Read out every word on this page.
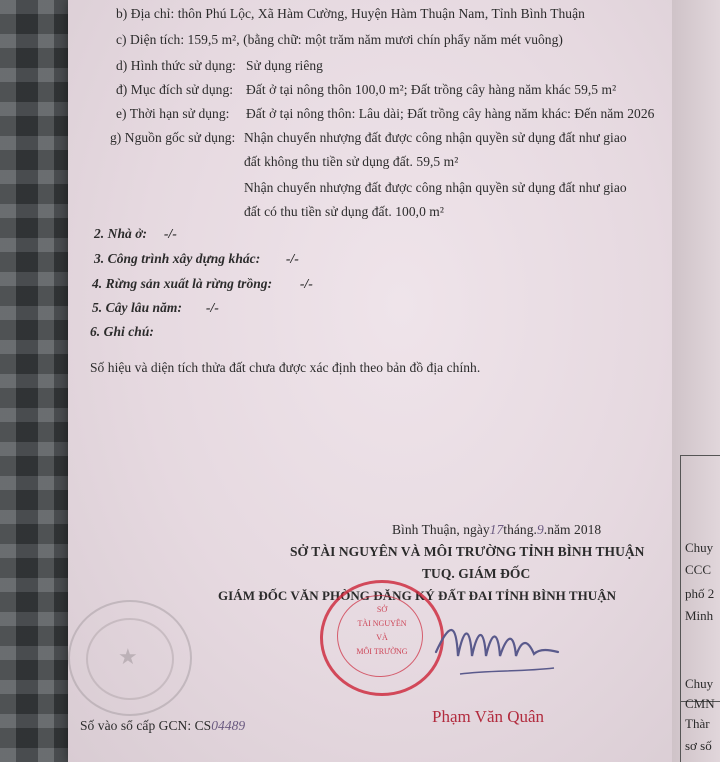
b) Địa chỉ: thôn Phú Lộc, Xã Hàm Cường, Huyện Hàm Thuận Nam, Tỉnh Bình Thuận
c) Diện tích: 159,5 m², (bằng chữ: một trăm năm mươi chín phẩy năm mét vuông)
d) Hình thức sử dụng: Sử dụng riêng
đ) Mục đích sử dụng: Đất ở tại nông thôn 100,0 m²; Đất trồng cây hàng năm khác 59,5 m²
e) Thời hạn sử dụng: Đất ở tại nông thôn: Lâu dài; Đất trồng cây hàng năm khác: Đến năm 2026
g) Nguồn gốc sử dụng: Nhận chuyển nhượng đất được công nhận quyền sử dụng đất như giao
đất không thu tiền sử dụng đất. 59,5 m²
Nhận chuyển nhượng đất được công nhận quyền sử dụng đất như giao
đất có thu tiền sử dụng đất. 100,0 m²
2. Nhà ở: -/-
3. Công trình xây dựng khác: -/-
4. Rừng sản xuất là rừng trồng: -/-
5. Cây lâu năm: -/-
6. Ghi chú:
Số hiệu và diện tích thửa đất chưa được xác định theo bản đồ địa chính.
Bình Thuận, ngày17tháng.9.năm 2018
SỞ TÀI NGUYÊN VÀ MÔI TRƯỜNG TỈNH BÌNH THUẬN
TUQ. GIÁM ĐỐC
GIÁM ĐỐC VĂN PHÒNG ĐĂNG KÝ ĐẤT ĐAI TỈNH BÌNH THUẬN
★
SỞ
TÀI NGUYÊN
VÀ
MÔI TRƯỜNG
Phạm Văn Quân
Số vào sổ cấp GCN: CS04489
Chuy
CCC
phố 2
Minh
Chuy
CMN
Thàr
sơ số
